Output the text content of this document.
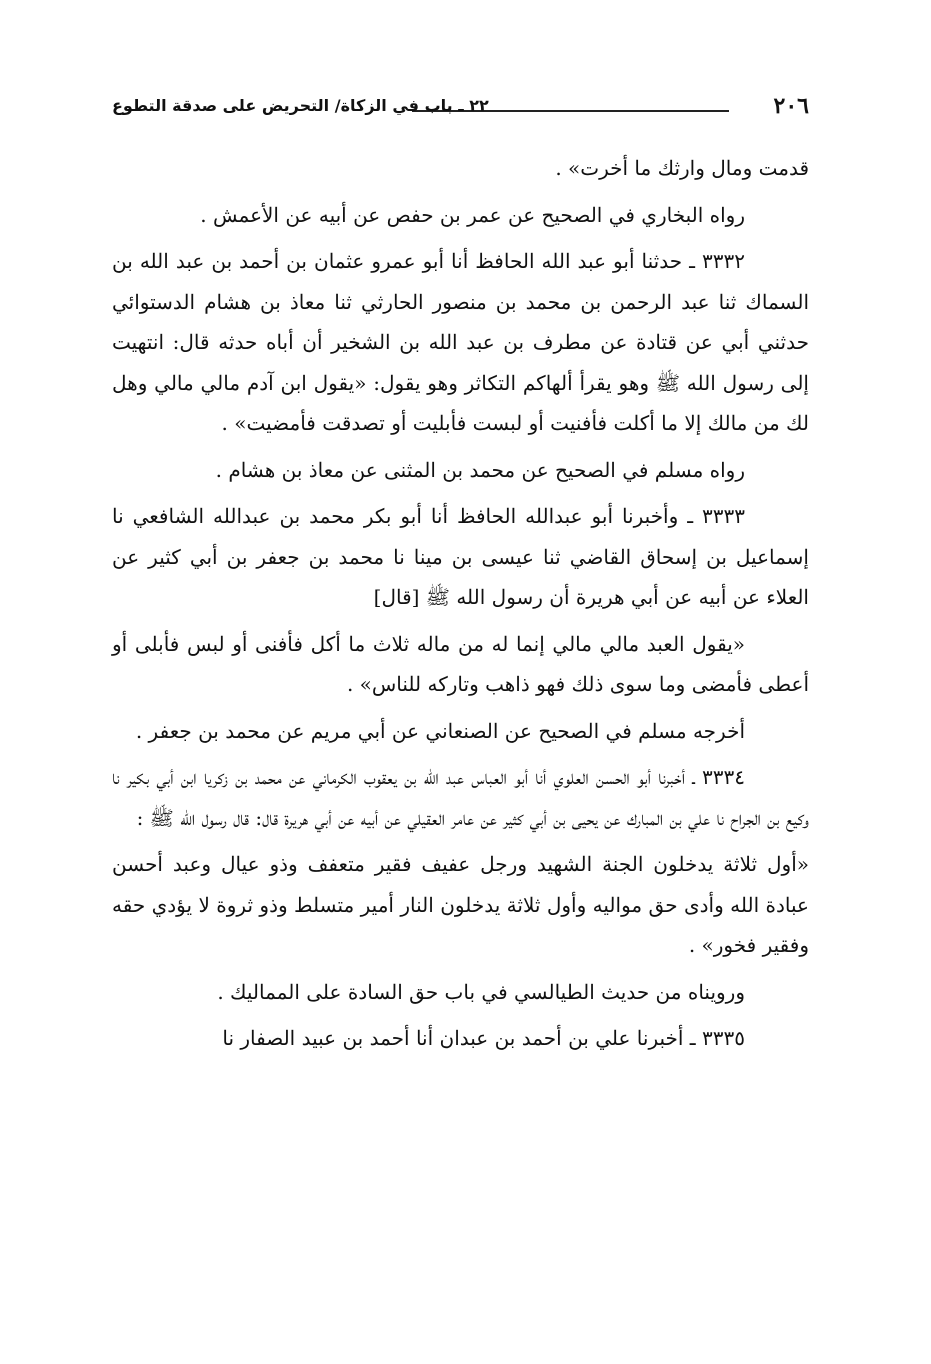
٢٠٦
٢٢ ـ باب في الزكاة/ التحريض على صدقة التطوع

قدمت ومال وارثك ما أخرت» .

رواه البخاري في الصحيح عن عمر بن حفص عن أبيه عن الأعمش .

٣٣٣٢ ـ حدثنا أبو عبد الله الحافظ أنا أبو عمرو عثمان بن أحمد بن عبد الله بن السماك ثنا عبد الرحمن بن محمد بن منصور الحارثي ثنا معاذ بن هشام الدستوائي حدثني أبي عن قتادة عن مطرف بن عبد الله بن الشخير أن أباه حدثه قال: انتهيت إلى رسول الله ﷺ وهو يقرأ ألهاكم التكاثر وهو يقول: «يقول ابن آدم مالي مالي وهل لك من مالك إلا ما أكلت فأفنيت أو لبست فأبليت أو تصدقت فأمضيت» .

رواه مسلم في الصحيح عن محمد بن المثنى عن معاذ بن هشام .

٣٣٣٣ ـ وأخبرنا أبو عبدالله الحافظ أنا أبو بكر محمد بن عبدالله الشافعي نا إسماعيل بن إسحاق القاضي ثنا عيسى بن مينا نا محمد بن جعفر بن أبي كثير عن العلاء عن أبيه عن أبي هريرة أن رسول الله ﷺ [قال]

«يقول العبد مالي مالي إنما له من ماله ثلاث ما أكل فأفنى أو لبس فأبلى أو أعطى فأمضى وما سوى ذلك فهو ذاهب وتاركه للناس» .

أخرجه مسلم في الصحيح عن الصنعاني عن أبي مريم عن محمد بن جعفر .

٣٣٣٤ ـ أخبرنا أبو الحسن العلوي أنا أبو العباس عبد الله بن يعقوب الكرماني عن محمد بن زكريا ابن أبي بكير نا وكيع بن الجراح نا علي بن المبارك عن يحيى بن أبي كثير عن عامر العقيلي عن أبيه عن أبي هريرة قال: قال رسول الله ﷺ :

«أول ثلاثة يدخلون الجنة الشهيد ورجل عفيف فقير متعفف وذو عيال وعبد أحسن عبادة الله وأدى حق مواليه وأول ثلاثة يدخلون النار أمير متسلط وذو ثروة لا يؤدي حقه وفقير فخور» .

ورويناه من حديث الطيالسي في باب حق السادة على المماليك .

٣٣٣٥ ـ أخبرنا علي بن أحمد بن عبدان أنا أحمد بن عبيد الصفار نا
